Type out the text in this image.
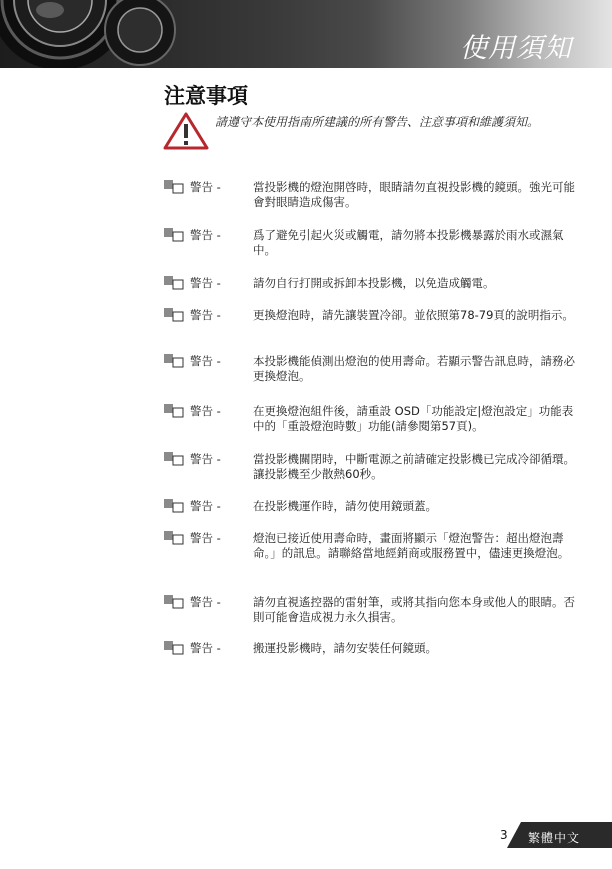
使用須知
注意事項
請遵守本使用指南所建議的所有警告、注意事項和維護須知。
警告 -	當投影機的燈泡開啓時，眼睛請勿直視投影機的鏡頭。強光可能會對眼睛造成傷害。
警告 -	爲了避免引起火災或觸電，請勿將本投影機暴露於雨水或濕氣中。
警告 -	請勿自行打開或拆卸本投影機，以免造成觸電。
警告 -	更換燈泡時，請先讓裝置冷卻。並依照第78-79頁的說明指示。
警告 -	本投影機能偵測出燈泡的使用壽命。若顯示警告訊息時，請務必更換燈泡。
警告 -	在更換燈泡組件後，請重設 OSD「功能設定|燈泡設定」功能表中的「重設燈泡時數」功能(請參閱第57頁)。
警告 -	當投影機關閉時，中斷電源之前請確定投影機已完成冷卻循環。讓投影機至少散熱60秒。
警告 -	在投影機運作時，請勿使用鏡頭蓋。
警告 -	燈泡已接近使用壽命時，畫面將顯示「燈泡警告：超出燈泡壽命。」的訊息。請聯絡當地經銷商或服務置中，儘速更換燈泡。
警告 -	請勿直視遙控器的雷射筆，或將其指向您本身或他人的眼睛。否則可能會造成視力永久損害。
警告 -	搬運投影機時，請勿安裝任何鏡頭。
3 繁體中文
